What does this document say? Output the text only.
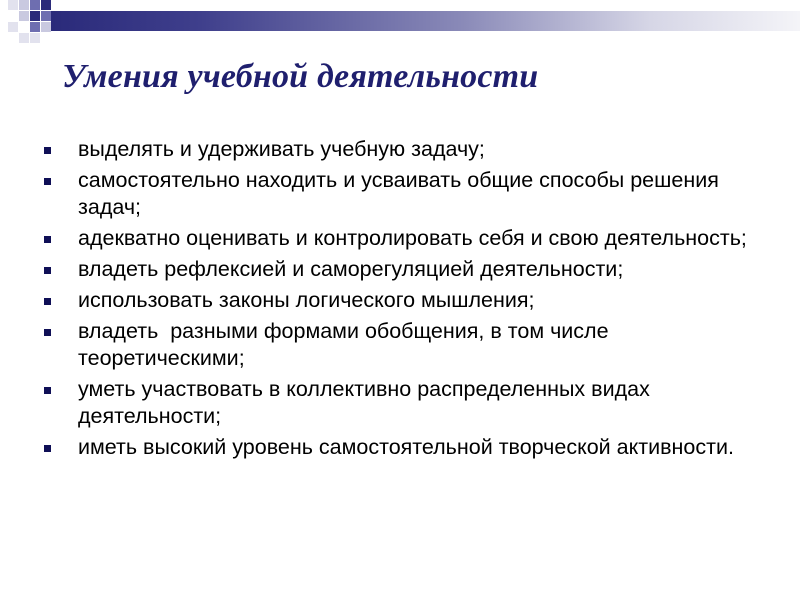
Умения учебной деятельности
выделять и удерживать учебную задачу;
самостоятельно находить и усваивать общие способы решения задач;
адекватно оценивать и контролировать себя и свою деятельность;
владеть рефлексией и саморегуляцией деятельности;
использовать законы логического мышления;
владеть  разными формами обобщения, в том числе теоретическими;
уметь участвовать в коллективно распределенных видах деятельности;
иметь высокий уровень самостоятельной творческой активности.
